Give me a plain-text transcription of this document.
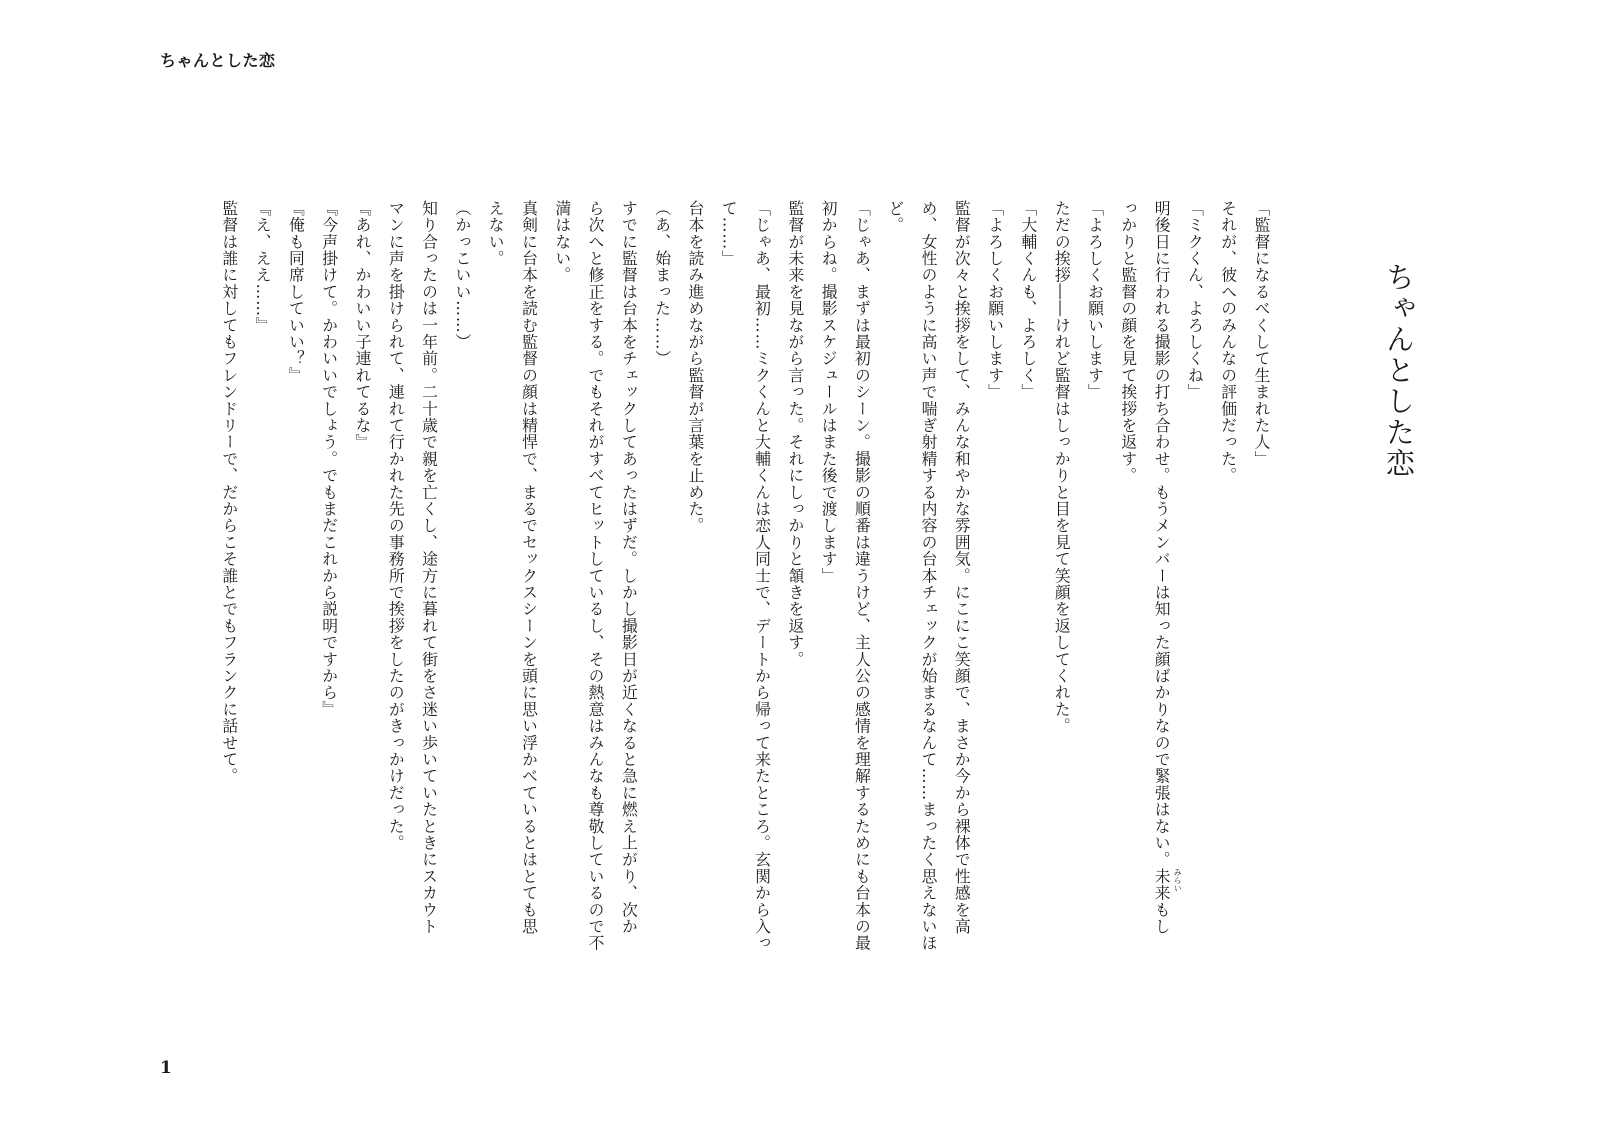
ちゃんとした恋
ちゃんとした恋
「監督になるべくして生まれた人」
それが、彼へのみんなの評価だった。
「ミクくん、よろしくね」
明後日に行われる撮影の打ち合わせ。もうメンバーは知った顔ばかりなので緊張はない。未来 みらい
もし
っかりと監督の顔を見て挨拶を返す。
「よろしくお願いします」
ただの挨拶――けれど監督はしっかりと目を見て笑顔を返してくれた。
「大輔くんも、よろしく」
「よろしくお願いします」
監督が次々と挨拶をして、みんな和やかな雰囲気。にこにこ笑顔で、まさか今から裸体で性感を高
め、女性のように高い声で喘ぎ射精する内容の台本チェックが始まるなんて……まったく思えないほ
ど。
「じゃあ、まずは最初のシーン。撮影の順番は違うけど、主人公の感情を理解するためにも台本の最
初からね。撮影スケジュールはまた後で渡します」
監督が未来を見ながら言った。それにしっかりと頷きを返す。
「じゃあ、最初……ミクくんと大輔くんは恋人同士で、デートから帰って来たところ。玄関から入っ
て……」
台本を読み進めながら監督が言葉を止めた。
（あ、始まった……）
すでに監督は台本をチェックしてあったはずだ。しかし撮影日が近くなると急に燃え上がり、次か
ら次へと修正をする。でもそれがすべてヒットしているし、その熱意はみんなも尊敬しているので不
満はない。
真剣に台本を読む監督の顔は精悍で、まるでセックスシーンを頭に思い浮かべているとはとても思
えない。
（かっこいい……）
知り合ったのは一年前。二十歳で親を亡くし、途方に暮れて街をさ迷い歩いていたときにスカウト
マンに声を掛けられて、連れて行かれた先の事務所で挨拶をしたのがきっかけだった。
『あれ、かわいい子連れてるな』
『今声掛けて。かわいいでしょう。でもまだこれから説明ですから』
『俺も同席していい？』
『え、ええ……』
監督は誰に対してもフレンドリーで、だからこそ誰とでもフランクに話せて。
1
